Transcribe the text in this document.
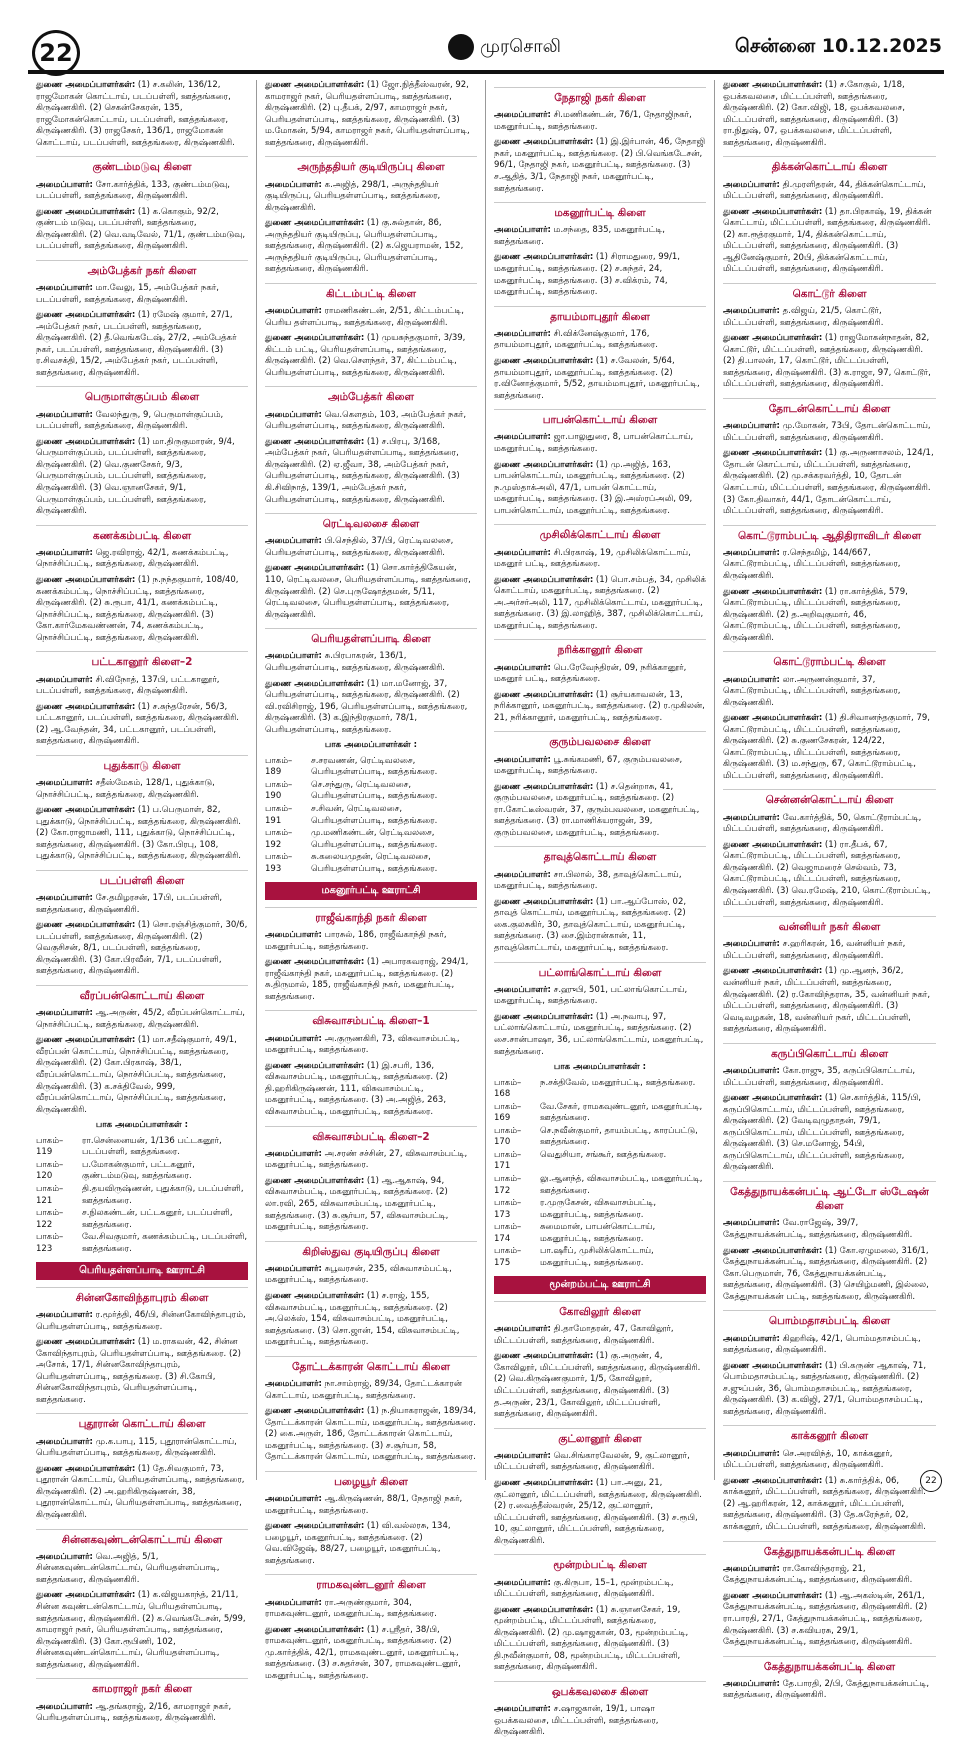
22	முரசொலி	சென்னை 10.12.2025
துணை அமைப்பாளர்கள்: (1) ச.கலின், 136/12, ராஜமோகன் கொட்டாய், படப்பள்ளி, ஊத்தங்கரை, கிருஷ்ணகிரி. (2) செகன்சேகரன், 135, ராஜமோகன்கொட்டாய், படப்பள்ளி, ஊத்தங்கரை, கிருஷ்ணகிரி. (3) ராஜசேகர், 136/1, ராஜமோகன் கொட்டாய், படப்பள்ளி, ஊத்தங்கரை, கிருஷ்ணகிரி.
குண்டம்மடுவு கிளை
அமைப்பாளர்: சோ.கார்த்திக், 133, குண்டம்மடுவு, படப்பள்ளி, ஊத்தங்கரை, கிருஷ்ணகிரி.
துணை அமைப்பாளர்கள்: (1) க.கொகும், 92/2, குண்டம் மடுவு, படப்பள்ளி, ஊத்தங்கரை, கிருஷ்ணகிரி. (2) வெ.வடிவேல், 71/1, குண்டம்மடுவு, படப்பள்ளி, ஊத்தங்கரை, கிருஷ்ணகிரி.
அம்பேத்கர் நகர் கிளை
அமைப்பாளர்: மா.வேலு, 15, அம்பேத்கர் நகர், படப்பள்ளி, ஊத்தங்கரை, கிருஷ்ணகிரி.
துணை அமைப்பாளர்கள்: (1) ரமேஷ் குமார், 27/1, அம்பேத்கர் நகர், படப்பள்ளி, ஊத்தங்கரை, கிருஷ்ணகிரி. (2) தீ.வெங்கடேஷ், 27/2, அம்பேத்கர் நகர், படப்பள்ளி, ஊத்தங்கரை, கிருஷ்ணகிரி. (3) ர.சிவசக்தி, 15/2, அம்பேத்கர் நகர், படப்பள்ளி, ஊத்தங்கரை, கிருஷ்ணகிரி.
பெருமாள்குப்பம் கிளை
அமைப்பாளர்: வேலந்துரு, 9, பெருமாள்குப்பம், படப்பள்ளி, ஊத்தங்கரை, கிருஷ்ணகிரி.
துணை அமைப்பாளர்கள்: (1) மா.திருகுமாரன், 9/4, பெருமாள்குப்பம், படப்பள்ளி, ஊத்தங்கரை, கிருஷ்ணகிரி. (2) வெ.குணசேகர், 9/3, பெருமாள்குப்பம், படப்பள்ளி, ஊத்தங்கரை, கிருஷ்ணகிரி. (3) வெ.ஞானசேகர், 9/1, பெருமாள்குப்பம், படப்பள்ளி, ஊத்தங்கரை, கிருஷ்ணகிரி.
கணக்கம்பட்டி கிளை
அமைப்பாளர்: ஜெ.ரவிராஜ், 42/1, கணக்கம்பட்டி, நொச்சிப்பட்டி, ஊத்தங்கரை, கிருஷ்ணகிரி.
துணை அமைப்பாளர்கள்: (1) ந.நந்தகுமார், 108/40, கணக்கம்பட்டி, நொச்சிப்பட்டி, ஊத்தங்கரை, கிருஷ்ணகிரி. (2) சு.ரூபா, 41/1, கணக்கம்பட்டி, நொச்சிப்பட்டி, ஊத்தங்கரை, கிருஷ்ணகிரி. (3) கோ.கார்மேகவண்ணன், 74, கணக்கம்பட்டி, நொச்சிப்பட்டி, ஊத்தங்கரை, கிருஷ்ணகிரி.
பட்டகானூர் கிளை–2
அமைப்பாளர்: சி.விநோத், 137பி, பட்டகானூர், படப்பள்ளி, ஊத்தங்கரை, கிருஷ்ணகிரி.
துணை அமைப்பாளர்கள்: (1) ச.சுந்தரேசன், 56/3, பட்டகானூர், படப்பள்ளி, ஊத்தங்கரை, கிருஷ்ணகிரி. (2) ஆ.வேந்தன், 34, பட்டகானூர், படப்பள்ளி, ஊத்தங்கரை, கிருஷ்ணகிரி.
புதுக்காடு கிளை
அமைப்பாளர்: சதீஸ்மேகம், 128/1, புதுக்காடு, நொச்சிப்பட்டி, ஊத்தங்கரை, கிருஷ்ணகிரி.
துணை அமைப்பாளர்கள்: (1) ப.பெருமாள், 82, புதுக்காடு, நொச்சிப்பட்டி, ஊத்தங்கரை, கிருஷ்ணகிரி. (2) கோ.ராஜாமணி, 111, புதுக்காடு, நொச்சிப்பட்டி, ஊத்தங்கரை, கிருஷ்ணகிரி. (3) கோ.பிரபு, 108, புதுக்காடு, நொச்சிப்பட்டி, ஊத்தங்கரை, கிருஷ்ணகிரி.
படப்பள்ளி கிளை
அமைப்பாளர்: சே.தமிழரசன், 17பி, படப்பள்ளி, ஊத்தங்கரை, கிருஷ்ணகிரி.
துணை அமைப்பாளர்கள்: (1) சொ.ரஞ்சித்குமார், 30/6, படப்பள்ளி, ஊத்தங்கரை, கிருஷ்ணகிரி. (2) வெகுசிசன், 8/1, படப்பள்ளி, ஊத்தங்கரை, கிருஷ்ணகிரி. (3) கோ.பிரவீன், 7/1, படப்பள்ளி, ஊத்தங்கரை, கிருஷ்ணகிரி.
வீரப்பன்கொட்டாய் கிளை
அமைப்பாளர்: ஆ.அருண், 45/2, வீரப்பன்கொட்டாய், நொச்சிப்பட்டி, ஊத்தங்கரை, கிருஷ்ணகிரி.
துணை அமைப்பாளர்கள்: (1) மா.சதீஷ்குமார், 49/1, வீரப்பன் கொட்டாய், நொச்சிப்பட்டி, ஊத்தங்கரை, கிருஷ்ணகிரி. (2) கோ.பிரகாஷ், 38/1, வீரப்பன்கொட்டாய், நொச்சிப்பட்டி, ஊத்தங்கரை, கிருஷ்ணகிரி. (3) க.சக்திவேல், 999, வீரப்பன்கொட்டாய், நொச்சிப்பட்டி, ஊத்தங்கரை, கிருஷ்ணகிரி.
பாக அமைப்பாளர்கள் :
பாகம்–119
ரா.சென்னையன், 1/136 பட்டகனூர், படப்பள்ளி, ஊத்தங்கரை.
பாகம்–120
ப.மோகன்குமார், பட்டகனூர், குண்டம்மடுவு, ஊத்தங்கரை.
பாகம்–121
தி.தயவிருஷ்ணன், புதுக்காடு, படப்பள்ளி, ஊத்தங்கரை.
பாகம்–122
ச.நிலகண்டன், பட்டகனூர், படப்பள்ளி, ஊத்தங்கரை.
பாகம்–123
வே.சிவகுமார், கணக்கம்பட்டி, படப்பள்ளி, ஊத்தங்கரை.
பெரியதள்ளப்பாடி ஊராட்சி
சின்னகோவிந்தாபுரம் கிளை
அமைப்பாளர்: ர.மூர்த்தி, 46/பி, சின்னகோவிந்தாபுரம், பெரியதள்ளப்பாடி, ஊத்தங்கரை.
துணை அமைப்பாளர்கள்: (1) ம.ராகவன், 42, சின்ன கோவிந்தாபுரம், பெரியதள்ளப்பாடி, ஊத்தங்கரை. (2) அசோக், 17/1, சின்னகோவிந்தாபுரம், பெரியதள்ளப்பாடி, ஊத்தங்கரை. (3) சி.கோபி, சின்னகோவிந்தாபுரம், பெரியதள்ளப்பாடி, ஊத்தங்கரை.
புதூரான் கொட்டாய் கிளை
அமைப்பாளர்: மு.க.பாபு, 115, புதூரான்கொட்டாய், பெரியதள்ளப்பாடி, ஊத்தங்கரை, கிருஷ்ணகிரி.
துணை அமைப்பாளர்கள்: (1) தே.சிவகுமார், 73, புதூரான் கொட்டாய், பெரியதள்ளப்பாடி, ஊத்தங்கரை, கிருஷ்ணகிரி. (2) அ.ஹரிகிருஷ்ணன், 38, புதூரான்கொட்டாய், பெரியதள்ளப்பாடி, ஊத்தங்கரை, கிருஷ்ணகிரி.
சின்னகவுண்டன்கொட்டாய் கிளை
அமைப்பாளர்: வெ.அஜித், 5/1, சின்னகவுண்டன்கொட்டாய், பெரியதள்ளப்பாடி, ஊத்தங்கரை, கிருஷ்ணகிரி.
துணை அமைப்பாளர்கள்: (1) க.விஜயகாந்த், 21/11, சின்ன கவுண்டன்கொட்டாய், பெரியதள்ளப்பாடி, ஊத்தங்கரை, கிருஷ்ணகிரி. (2) க.வெங்கடேசன், 5/99, காமராஜர் நகர், பெரியதள்ளப்பாடி, ஊத்தங்கரை, கிருஷ்ணகிரி. (3) கோ.ரூபிணி, 102, சின்னகவுண்டன்கொட்டாய், பெரியதள்ளப்பாடி, ஊத்தங்கரை, கிருஷ்ணகிரி.
காமராஜர் நகர் கிளை
அமைப்பாளர்: ஆ.தங்கராஜ், 2/16, காமராஜர் நகர், பெரியதள்ளப்பாடி, ஊத்தங்கரை, கிருஷ்ணகிரி.
துணை அமைப்பாளர்கள்: (1) ஜோ.நித்தீஸ்வரன், 92, காமராஜர் நகர், பெரியதள்ளப்பாடி, ஊத்தங்கரை, கிருஷ்ணகிரி. (2) பு.தீபக், 2/97, காமராஜர் நகர், பெரியதள்ளப்பாடி, ஊத்தங்கரை, கிருஷ்ணகிரி. (3) ம.மோகன், 5/94, காமராஜர் நகர், பெரியதள்ளப்பாடி, ஊத்தங்கரை, கிருஷ்ணகிரி.
அருந்ததியர் குடியிருப்பு கிளை
அமைப்பாளர்: க.அஜித், 298/1, அருந்ததியர் குடியிருப்பு, பெரியதள்ளப்பாடி, ஊத்தங்கரை, கிருஷ்ணகிரி.
துணை அமைப்பாளர்கள்: (1) கு.சுல்தான், 86, அருந்ததியர் குடியிருப்பு, பெரியதள்ளப்பாடி, ஊத்தங்கரை, கிருஷ்ணகிரி. (2) க.ஜெயராமன், 152, அருந்ததியர் குடியிருப்பு, பெரியதள்ளப்பாடி, ஊத்தங்கரை, கிருஷ்ணகிரி.
கிட்டம்பட்டி கிளை
அமைப்பாளர்: ராமணிகண்டன், 2/51, கிட்டம்பட்டி, பெரிய தள்ளப்பாடி, ஊத்தங்கரை, கிருஷ்ணகிரி.
துணை அமைப்பாளர்கள்: (1) முயசுந்தகுமார், 3/39, கிட்டம் பட்டி, பெரியதள்ளப்பாடி, ஊத்தங்கரை, கிருஷ்ணகிரி. (2) வெ.சௌந்தர், 37, கிட்டம்பட்டி, பெரியதள்ளப்பாடி, ஊத்தங்கரை, கிருஷ்ணகிரி.
அம்பேத்கர் கிளை
அமைப்பாளர்: வெ.கௌதம், 103, அம்பேத்கர் நகர், பெரியதள்ளப்பாடி, ஊத்தங்கரை, கிருஷ்ணகிரி.
துணை அமைப்பாளர்கள்: (1) ச.பிரபு, 3/168, அம்பேத்கர் நகர், பெரியதள்ளப்பாடி, ஊத்தங்கரை, கிருஷ்ணகிரி. (2) ஏ.ஜீவா, 38, அம்பேத்கர் நகர், பெரியதள்ளப்பாடி, ஊத்தங்கரை, கிருஷ்ணகிரி. (3) கி.சிவிநாத், 139/1, அம்பேத்கர் நகர், பெரியதள்ளப்பாடி, ஊத்தங்கரை, கிருஷ்ணகிரி.
ரெட்டிவலசை கிளை
அமைப்பாளர்: பி.செந்தில், 37/பி, ரெட்டிவலசை, பெரியதள்ளப்பாடி, ஊத்தங்கரை, கிருஷ்ணகிரி.
துணை அமைப்பாளர்கள்: (1) சொ.கார்த்திகேயன், 110, ரெட்டிவலசை, பெரியதள்ளப்பாடி, ஊத்தங்கரை, கிருஷ்ணகிரி. (2) செ.புருஷோத்தமன், 5/11, ரெட்டிவலசை, பெரியதள்ளப்பாடி, ஊத்தங்கரை, கிருஷ்ணகிரி.
பெரியதள்ளப்பாடி கிளை
அமைப்பாளர்: சு.பிரபாகரன், 136/1, பெரியதள்ளப்பாடி, ஊத்தங்கரை, கிருஷ்ணகிரி.
துணை அமைப்பாளர்கள்: (1) மா.மனோஜ், 37, பெரியதள்ளப்பாடி, ஊத்தங்கரை, கிருஷ்ணகிரி. (2) வி.ரவிசிராஜ், 196, பெரியதள்ளப்பாடி, ஊத்தங்கரை, கிருஷ்ணகிரி. (3) க.இந்திரகுமார், 78/1, பெரியதள்ளப்பாடி, ஊத்தங்கரை.
பாக அமைப்பாளர்கள் :
பாகம்–189
ச.சரவணன், ரெட்டிவலசை, பெரியதள்ளப்பாடி, ஊத்தங்கரை.
பாகம்–190
செ.சந்துரு, ரெட்டிவலசை, பெரியதள்ளப்பாடி, ஊத்தங்கரை.
பாகம்–191
ச.சிவன், ரெட்டிவலசை, பெரியதள்ளப்பாடி, ஊத்தங்கரை.
பாகம்–192
மு.மணிகண்டன், ரெட்டிவலசை, பெரியதள்ளப்பாடி, ஊத்தங்கரை.
பாகம்–193
சு.கலையமுதன், ரெட்டிவலசை, பெரியதள்ளப்பாடி, ஊத்தங்கரை.
மகனூர்பட்டி ஊராட்சி
ராஜீவ்காந்தி நகர் கிளை
அமைப்பாளர்: பாரசுல், 186, ராஜீவ்காந்தி நகர், மகனூர்பட்டி, ஊத்தங்கரை.
துணை அமைப்பாளர்கள்: (1) அபாரகவராஜ், 294/1, ராஜீவ்காந்தி நகர், மகனூர்பட்டி, ஊத்தங்கரை. (2) சு.திருமால், 185, ராஜீவ்காந்தி நகர், மகனூர்பட்டி, ஊத்தங்கரை.
விசுவாசம்பட்டி கிளை–1
அமைப்பாளர்: அ.குருணகிரி, 73, விசுவாசம்பட்டி, மகனூர்பட்டி, ஊத்தங்கரை.
துணை அமைப்பாளர்கள்: (1) இ.சபரி, 136, விசுவாசம்பட்டி, மகனூர்பட்டி, ஊத்தங்கரை. (2) தி.ஹரிகிருஷ்ணன், 111, விசுவாசம்பட்டி, மகனூர்பட்டி, ஊத்தங்கரை. (3) அ.அஜித், 263, விசுவாசம்பட்டி, மகனூர்பட்டி, ஊத்தங்கரை.
விசுவாசம்பட்டி கிளை–2
அமைப்பாளர்: அ.சரண் சச்சின், 27, விசுவாசம்பட்டி, மகனூர்பட்டி, ஊத்தங்கரை.
துணை அமைப்பாளர்கள்: (1) ஆ.ஆகாஷ், 94, விசுவாசம்பட்டி, மகனூர்பட்டி, ஊத்தங்கரை. (2) லா.ரவி, 265, விசுவாசம்பட்டி, மகனூர்பட்டி, ஊத்தங்கரை. (3) சு.சூர்யா, 57, விசுவாசம்பட்டி, மகனூர்பட்டி, ஊத்தங்கரை.
கிறிஸ்துவ குடியிருப்பு கிளை
அமைப்பாளர்: சுபூவரசன், 235, விசுவாசம்பட்டி, மகனூர்பட்டி, ஊத்தங்கரை.
துணை அமைப்பாளர்கள்: (1) ச.ராஜ், 155, விசுவாசம்பட்டி, மகனூர்பட்டி, ஊத்தங்கரை. (2) அ.லெக்ஸ், 154, விசுவாசம்பட்டி, மகனூர்பட்டி, ஊத்தங்கரை. (3) சொ.ஜான், 154, விசுவாசம்பட்டி, மகனூர்பட்டி, ஊத்தங்கரை.
தோட்டக்காரன் கொட்டாய் கிளை
அமைப்பாளர்: நா.சாம்ராஜ், 89/34, தோட்டக்காரன் கொட்டாய், மகனூர்பட்டி, ஊத்தங்கரை.
துணை அமைப்பாளர்கள்: (1) ந.தியாகராஜன், 189/34, தோட்டக்காரன் கொட்டாய், மகனூர்பட்டி, ஊத்தங்கரை. (2) கை.அருள், 186, தோட்டக்காரன் கொட்டாய், மகனூர்பட்டி, ஊத்தங்கரை. (3) ச.சூர்யா, 58, தோட்டக்காரன் கொட்டாய், மகனூர்பட்டி, ஊத்தங்கரை.
பழையூர் கிளை
அமைப்பாளர்: ஆ.கிருஷ்ணன், 88/1, நேதாஜி நகர், மகனூர்பட்டி, ஊத்தங்கரை.
துணை அமைப்பாளர்கள்: (1) வி.வல்லரசு, 134, பழையூர், மகனூர்பட்டி, ஊத்தங்கரை. (2) வெ.விஜேஷ், 88/27, பழையூர், மகனூர்பட்டி, ஊத்தங்கரை.
ராமகவுண்டனூர் கிளை
அமைப்பாளர்: ரா.அருண்குமார், 304, ராமகவுண்டனூர், மகனூர்பட்டி, ஊத்தங்கரை.
துணை அமைப்பாளர்கள்: (1) ச.ஸ்ரீதர், 38/பி, ராமகவுண்டனூர், மகனூர்பட்டி, ஊத்தங்கரை. (2) மு.கார்த்திக், 42/1, ராமகவுண்டனூர், மகனூர்பட்டி, ஊத்தங்கரை. (3) ச.சுதர்சன், 307, ராமகவுண்டனூர், மகனூர்பட்டி, ஊத்தங்கரை.
நேதாஜி நகர் கிளை
அமைப்பாளர்: சி.மணிகண்டன், 76/1, நேதாஜிநகர், மகனூர்பட்டி, ஊத்தங்கரை.
துணை அமைப்பாளர்கள்: (1) இ.இர்பான், 46, நேதாஜி நகர், மகனூர்பட்டி, ஊத்தங்கரை. (2) பி.வெங்கடேசன், 96/1, நேதாஜி நகர், மகனூர்பட்டி, ஊத்தங்கரை. (3) ச.ஆதித், 3/1, நேதாஜி நகர், மகனூர்பட்டி, ஊத்தங்கரை.
மகனூர்பட்டி கிளை
அமைப்பாளர்: ம.சந்தை, 835, மகனூர்பட்டி, ஊத்தங்கரை.
துணை அமைப்பாளர்கள்: (1) சிராமதுரை, 99/1, மகனூர்பட்டி, ஊத்தங்கரை. (2) ச.சுந்தர், 24, மகனூர்பட்டி, ஊத்தங்கரை. (3) ச.விக்ரம், 74, மகனூர்பட்டி, ஊத்தங்கரை.
தாயம்மாபுதூர் கிளை
அமைப்பாளர்: சி.விக்னேஷ்குமார், 176, தாயம்மாபுதூர், மகனூர்பட்டி, ஊத்தங்கரை.
துணை அமைப்பாளர்கள்: (1) ச.வேலன், 5/64, தாயம்மாபுதூர், மகனூர்பட்டி, ஊத்தங்கரை. (2) ர.வினோத்குமார், 5/52, தாயம்மாபுதூர், மகனூர்பட்டி, ஊத்தங்கரை.
பாபன்கொட்டாய் கிளை
அமைப்பாளர்: ஜா.பாலுதுரை, 8, பாபன்கொட்டாய், மகனூர்பட்டி, ஊத்தங்கரை.
துணை அமைப்பாளர்கள்: (1) மு.அஜித், 163, பாபன்கொட்டாய், மகனூர்பட்டி, ஊத்தங்கரை. (2) ந.முஸ்தாக்அலி, 47/1, பாபன் கொட்டாய், மகனூர்பட்டி, ஊத்தங்கரை. (3) இ.அஸ்ரப்அலி, 09, பாபன்கொட்டாய், மகனூர்பட்டி, ஊத்தங்கரை.
முசிலிக்கொட்டாய் கிளை
அமைப்பாளர்: சி.பிரகாஷ், 19, முசிலிக்கொட்டாய், மகனூர் பட்டி, ஊத்தங்கரை.
துணை அமைப்பாளர்கள்: (1) பொ.சம்பத், 34, முசிலிக் கொட்டாய், மகனூர்பட்டி, ஊத்தங்கரை. (2) அ.அர்சர்அலி, 117, முசிலிக்கொட்டாய், மகனூர்பட்டி, ஊத்தங்கரை. (3) இ.லாஹித், 387, முசிலிக்கொட்டாய், மகனூர்பட்டி, ஊத்தங்கரை.
நரிக்கானூர் கிளை
அமைப்பாளர்: பெ.ரேவேந்திரன், 09, நரிக்கானூர், மகனூர் பட்டி, ஊத்தங்கரை.
துணை அமைப்பாளர்கள்: (1) சூர்யகாவலன், 13, நரிக்கானூர், மகனூர்பட்டி, ஊத்தங்கரை. (2) ர.முகிலன், 21, நரிக்கானூர், மகனூர்பட்டி, ஊத்தங்கரை.
குரும்பவலசை கிளை
அமைப்பாளர்: பூ.சுங்கமணி, 67, குரும்பவலசை, மகனூர்பட்டி, ஊத்தங்கரை.
துணை அமைப்பாளர்கள்: (1) ச.தென்றாசு, 41, குரும்பவலசை, மகனூர்பட்டி, ஊத்தங்கரை. (2) ரா.கோட்டீஸ்வரன், 37, குரும்பவலசை, மகனூர்பட்டி, ஊத்தங்கரை. (3) ரா.மாணிக்யராஜன், 39, குரும்பவலசை, மகனூர்பட்டி, ஊத்தங்கரை.
தாவுத்கொட்டாய் கிளை
அமைப்பாளர்: சா.பிலால், 38, தாவுத்கொட்டாய், மகனூர்பட்டி, ஊத்தங்கரை.
துணை அமைப்பாளர்கள்: (1) பா.ஆப்போஸ், 02, தாவுத் கொட்டாய், மகனூர்பட்டி, ஊத்தங்கரை. (2) கை.குலசுகிர், 30, தாவுத்கொட்டாய், மகனூர்பட்டி, ஊத்தங்கரை. (3) சை.இம்ரான்கான், 11, தாவுத்கொட்டாய், மகனூர்பட்டி, ஊத்தங்கரை.
பட்லாங்கொட்டாய் கிளை
அமைப்பாளர்: ச.ஹுபி, 501, பட்லாங்கொட்டாய், மகனூர்பட்டி, ஊத்தங்கரை.
துணை அமைப்பாளர்கள்: (1) அ.நவாபு, 97, பட்லாங்கொட்டாய், மகனூர்பட்டி, ஊத்தங்கரை. (2) சை.சான்பாஷா, 36, பட்லாங்கொட்டாய், மகனூர்பட்டி, ஊத்தங்கரை.
பாக அமைப்பாளர்கள் :
பாகம்–168
ந.சக்திவேல், மகனூர்பட்டி, ஊத்தங்கரை.
பாகம்–169
வே.சேகர், ராமகவுண்டனூர், மகனூர்பட்டி, ஊத்தங்கரை.
பாகம்–170
செ.நவீன்குமார், தாயம்பட்டி, காரப்பட்டு, ஊத்தங்கரை.
பாகம்–171
வெதுசியா, சங்கூர், ஊத்தங்கரை.
பாகம்–172
லு.ஆனந்த், விசுவாசம்பட்டி, மகனூர்பட்டி, ஊத்தங்கரை.
பாகம்–173
ர.முருகேசன், விசுவாசம்பட்டி, மகனூர்பட்டி, ஊத்தங்கரை.
பாகம்–174
சுமைமான், பாபன்கொட்டாய், மகனூர்பட்டி, ஊத்தங்கரை.
பாகம்–175
பா.ஷரீப், முசிலிக்கொட்டாய், மகனூர்பட்டி, ஊத்தங்கரை.
மூன்றம்பட்டி ஊராட்சி
கோவிலூர் கிளை
அமைப்பாளர்: தி.தாமோதரன், 47, கோவிலூர், மிட்டப்பள்ளி, ஊத்தங்கரை, கிருஷ்ணகிரி.
துணை அமைப்பாளர்கள்: (1) கு.அருண், 4, கோவிலூர், மிட்டப்பள்ளி, ஊத்தங்கரை, கிருஷ்ணகிரி. (2) வெ.கிருஷ்ணகுமார், 1/5, கோவிலூர், மிட்டப்பள்ளி, ஊத்தங்கரை, கிருஷ்ணகிரி. (3) த.அருண், 23/1, கோவிலூர், மிட்டப்பள்ளி, ஊத்தங்கரை, கிருஷ்ணகிரி.
குட்லானூர் கிளை
அமைப்பாளர்: வெ.சிங்காரவேலன், 9, குட்லானூர், மிட்டப்பள்ளி, ஊத்தங்கரை, கிருஷ்ணகிரி.
துணை அமைப்பாளர்கள்: (1) பா.அனு, 21, குட்லானூர், மிட்டப்பள்ளி, ஊத்தங்கரை, கிருஷ்ணகிரி. (2) ர.வைத்தீஸ்வரன், 25/12, குட்லானூர், மிட்டப்பள்ளி, ஊத்தங்கரை, கிருஷ்ணகிரி. (3) ச.ரூபி, 10, குட்லானூர், மிட்டப்பள்ளி, ஊத்தங்கரை, கிருஷ்ணகிரி.
மூன்றம்பட்டி கிளை
அமைப்பாளர்: கு.கிருபா, 15–1, மூன்றம்பட்டி, மிட்டப்பள்ளி, ஊத்தங்கரை, கிருஷ்ணகிரி.
துணை அமைப்பாளர்கள்: (1) சு.ஞானசேகர், 19, மூன்றம்பட்டி, மிட்டப்பள்ளி, ஊத்தங்கரை, கிருஷ்ணகிரி. (2) மு.ஷாஜகான், 03, மூன்றம்பட்டி, மிட்டப்பள்ளி, ஊத்தங்கரை, கிருஷ்ணகிரி. (3) தி.நவீன்குமார், 08, மூன்றம்பட்டி, மிட்டப்பள்ளி, ஊத்தங்கரை, கிருஷ்ணகிரி.
ஒபக்கவலசை கிளை
அமைப்பாளர்: ச.ஷாஜகான், 19/1, பாஷா ஒபக்கவலசை, மிட்டப்பள்ளி, ஊத்தங்கரை, கிருஷ்ணகிரி.
துணை அமைப்பாளர்கள்: (1) ச.கோகுல், 1/18, ஒபக்கவலசை, மிட்டப்பள்ளி, ஊத்தங்கரை, கிருஷ்ணகிரி. (2) கோ.விஜி, 18, ஒபக்கவலசை, மிட்டப்பள்ளி, ஊத்தங்கரை, கிருஷ்ணகிரி. (3) ரா.நிதுஷ், 07, ஒபக்கவலசை, மிட்டப்பள்ளி, ஊத்தங்கரை, கிருஷ்ணகிரி.
திக்கன்கொட்டாய் கிளை
அமைப்பாளர்: தி.முரளிதரன், 44, திக்கன்கொட்டாய், மிட்டப்பள்ளி, ஊத்தங்கரை, கிருஷ்ணகிரி.
துணை அமைப்பாளர்கள்: (1) தா.பிரகாஷ், 19, திக்கன் கொட்டாய், மிட்டப்பள்ளி, ஊத்தங்கரை, கிருஷ்ணகிரி. (2) கா.ரூத்ரகுமார், 1/4, திக்கன்கொட்டாய், மிட்டப்பள்ளி, ஊத்தங்கரை, கிருஷ்ணகிரி. (3) ஆதினேஷ்குமார், 20பி, திக்கன்கொட்டாய், மிட்டப்பள்ளி, ஊத்தங்கரை, கிருஷ்ணகிரி.
கொட்டூர் கிளை
அமைப்பாளர்: த.விஜய், 21/5, கொட்டூர், மிட்டப்பள்ளி, ஊத்தங்கரை, கிருஷ்ணகிரி.
துணை அமைப்பாளர்கள்: (1) ராஜமோகன்நாதன், 82, கொட்டூர், மிட்டப்பள்ளி, ஊத்தங்கரை, கிருஷ்ணகிரி. (2) தி.பாலன், 17, கொட்டூர், மிட்டப்பள்ளி, ஊத்தங்கரை, கிருஷ்ணகிரி. (3) க.ராஜா, 97, கொட்டூர், மிட்டப்பள்ளி, ஊத்தங்கரை, கிருஷ்ணகிரி.
தோடன்கொட்டாய் கிளை
அமைப்பாளர்: மு.மோகன், 73பி, தோடன்கொட்டாய், மிட்டப்பள்ளி, ஊத்தங்கரை, கிருஷ்ணகிரி.
துணை அமைப்பாளர்கள்: (1) கு.அருணாசலம், 124/1, தோடன் கொட்டாய், மிட்டப்பள்ளி, ஊத்தங்கரை, கிருஷ்ணகிரி. (2) மு.சக்கரவர்த்தி, 10, தோடன் கொட்டாய், மிட்டப்பள்ளி, ஊத்தங்கரை, கிருஷ்ணகிரி. (3) கோ.திவாகர், 44/1, தோடன்கொட்டாய், மிட்டப்பள்ளி, ஊத்தங்கரை, கிருஷ்ணகிரி.
கொட்டூராம்பட்டி ஆதிதிராவிடர் கிளை
அமைப்பாளர்: ர.செந்தமிழ், 144/667, கொட்டூராம்பட்டி, மிட்டப்பள்ளி, ஊத்தங்கரை, கிருஷ்ணகிரி.
துணை அமைப்பாளர்கள்: (1) ரா.கார்த்திக், 579, கொட்டூராம்பட்டி, மிட்டப்பள்ளி, ஊத்தங்கரை, கிருஷ்ணகிரி. (2) த.அறிவுகுமார், 46, கொட்டூராம்பட்டி, மிட்டப்பள்ளி, ஊத்தங்கரை, கிருஷ்ணகிரி.
கொட்டூராம்பட்டி கிளை
அமைப்பாளர்: லா.அருணன்குமார், 37, கொட்டூராம்பட்டி, மிட்டப்பள்ளி, ஊத்தங்கரை, கிருஷ்ணகிரி.
துணை அமைப்பாளர்கள்: (1) தி.சிவானந்தகுமார், 79, கொட்டூராம்பட்டி, மிட்டப்பள்ளி, ஊத்தங்கரை, கிருஷ்ணகிரி. (2) சு.குணசேகரன், 124/22, கொட்டூராம்பட்டி, மிட்டப்பள்ளி, ஊத்தங்கரை, கிருஷ்ணகிரி. (3) ம.சந்துரு, 67, கொட்டூராம்பட்டி, மிட்டப்பள்ளி, ஊத்தங்கரை, கிருஷ்ணகிரி.
சென்னன்கொட்டாய் கிளை
அமைப்பாளர்: வே.கார்த்திக், 50, கொட்டூராம்பட்டி, மிட்டப்பள்ளி, ஊத்தங்கரை, கிருஷ்ணகிரி.
துணை அமைப்பாளர்கள்: (1) ரா.தீபக், 67, கொட்டூராம்பட்டி, மிட்டப்பள்ளி, ஊத்தங்கரை, கிருஷ்ணகிரி. (2) வெஜாமரைச் செல்வம், 73, கொட்டூராம்பட்டி, மிட்டப்பள்ளி, ஊத்தங்கரை, கிருஷ்ணகிரி. (3) வெ.ரமேஷ், 210, கொட்டூராம்பட்டி, மிட்டப்பள்ளி, ஊத்தங்கரை, கிருஷ்ணகிரி.
வன்னியர் நகர் கிளை
அமைப்பாளர்: ச.ஹரிகரன், 16, வன்னியர் நகர், மிட்டப்பள்ளி, ஊத்தங்கரை, கிருஷ்ணகிரி.
துணை அமைப்பாளர்கள்: (1) மு.ஆனந், 36/2, வன்னியர் நகர், மிட்டப்பள்ளி, ஊத்தங்கரை, கிருஷ்ணகிரி. (2) ர.கோவிந்தராசு, 35, வன்னியர் நகர், மிட்டப்பள்ளி, ஊத்தங்கரை, கிருஷ்ணகிரி. (3) வெடிவழகன், 18, வன்னியர் நகர், மிட்டப்பள்ளி, ஊத்தங்கரை, கிருஷ்ணகிரி.
கருப்பிகொட்டாய் கிளை
அமைப்பாளர்: கோ.ராஜு, 35, கருப்பிகொட்டாய், மிட்டப்பள்ளி, ஊத்தங்கரை, கிருஷ்ணகிரி.
துணை அமைப்பாளர்கள்: (1) செ.கார்த்திக், 115/பி, கருப்பிகொட்டாய், மிட்டப்பள்ளி, ஊத்தங்கரை, கிருஷ்ணகிரி. (2) வேடிவுழுதாதன், 79/1, கருப்பிகொட்டாய், மிட்டப்பள்ளி, ஊத்தங்கரை, கிருஷ்ணகிரி. (3) செ.மனோஜ், 54பி, கருப்பிகொட்டாய், மிட்டப்பள்ளி, ஊத்தங்கரை, கிருஷ்ணகிரி.
கேத்துநாயக்கன்பட்டி ஆட்டோ ஸ்டேஷன் கிளை
அமைப்பாளர்: வே.ராஜேஷ், 39/7, கேத்துநாயக்கன்பட்டி, ஊத்தங்கரை, கிருஷ்ணகிரி.
துணை அமைப்பாளர்கள்: (1) கோ.ஏழுமலை, 316/1, கேத்துநாயக்கன்பட்டி, ஊத்தங்கரை, கிருஷ்ணகிரி. (2) கோ.பெருமாள், 76, கேத்துநாயக்கன்பட்டி, ஊத்தங்கரை, கிருஷ்ணகிரி. (3) செயிழ்மணி, இல்லை, கேத்துநாயக்கன் பட்டி, ஊத்தங்கரை, கிருஷ்ணகிரி.
பொம்மதாசம்பட்டி கிளை
அமைப்பாளர்: கிஹரிஷ், 42/1, பொம்மதாசம்பட்டி, ஊத்தங்கரை, கிருஷ்ணகிரி.
துணை அமைப்பாளர்கள்: (1) பி.கருண் ஆகாஷ், 71, பொம்மதாசம்பட்டி, ஊத்தங்கரை, கிருஷ்ணகிரி. (2) ச.ஜுப்பன், 36, பொம்மதாசம்பட்டி, ஊத்தங்கரை, கிருஷ்ணகிரி. (3) க.விஜி, 27/1, பொம்மதாசம்பட்டி, ஊத்தங்கரை, கிருஷ்ணகிரி.
காக்கனூர் கிளை
அமைப்பாளர்: செ.அரவிந்த், 10, காக்கனூர், மிட்டப்பள்ளி, ஊத்தங்கரை, கிருஷ்ணகிரி.
துணை அமைப்பாளர்கள்: (1) சு.கார்த்திக், 06, காக்கனூர், மிட்டப்பள்ளி, ஊத்தங்கரை, கிருஷ்ணகிரி. (2) ஆ.ஹரிகரன், 12, காக்கனூர், மிட்டப்பள்ளி, ஊத்தங்கரை, கிருஷ்ணகிரி. (3) தே.சுரேந்தர், 02, காக்கனூர், மிட்டப்பள்ளி, ஊத்தங்கரை, கிருஷ்ணகிரி.
கேத்துநாயக்கன்பட்டி கிளை
அமைப்பாளர்: ரா.கோவிந்தராஜ், 21, கேத்துநாயக்கன்பட்டி, ஊத்தங்கரை, கிருஷ்ணகிரி.
துணை அமைப்பாளர்கள்: (1) ஆ.அகஸ்டின், 261/1, கேத்துநாயக்கன்பட்டி, ஊத்தங்கரை, கிருஷ்ணகிரி. (2) ரா.பாரதி, 27/1, கேத்துநாயக்கன்பட்டி, ஊத்தங்கரை, கிருஷ்ணகிரி. (3) ச.கவியரசு, 29/1, கேத்துநாயக்கன்பட்டி, ஊத்தங்கரை, கிருஷ்ணகிரி.
கேத்துநாயக்கன்பட்டி கிளை
அமைப்பாளர்: தே.பாரதி, 2/பி, கேத்துநாயக்கன்பட்டி, ஊத்தங்கரை, கிருஷ்ணகிரி.
22
